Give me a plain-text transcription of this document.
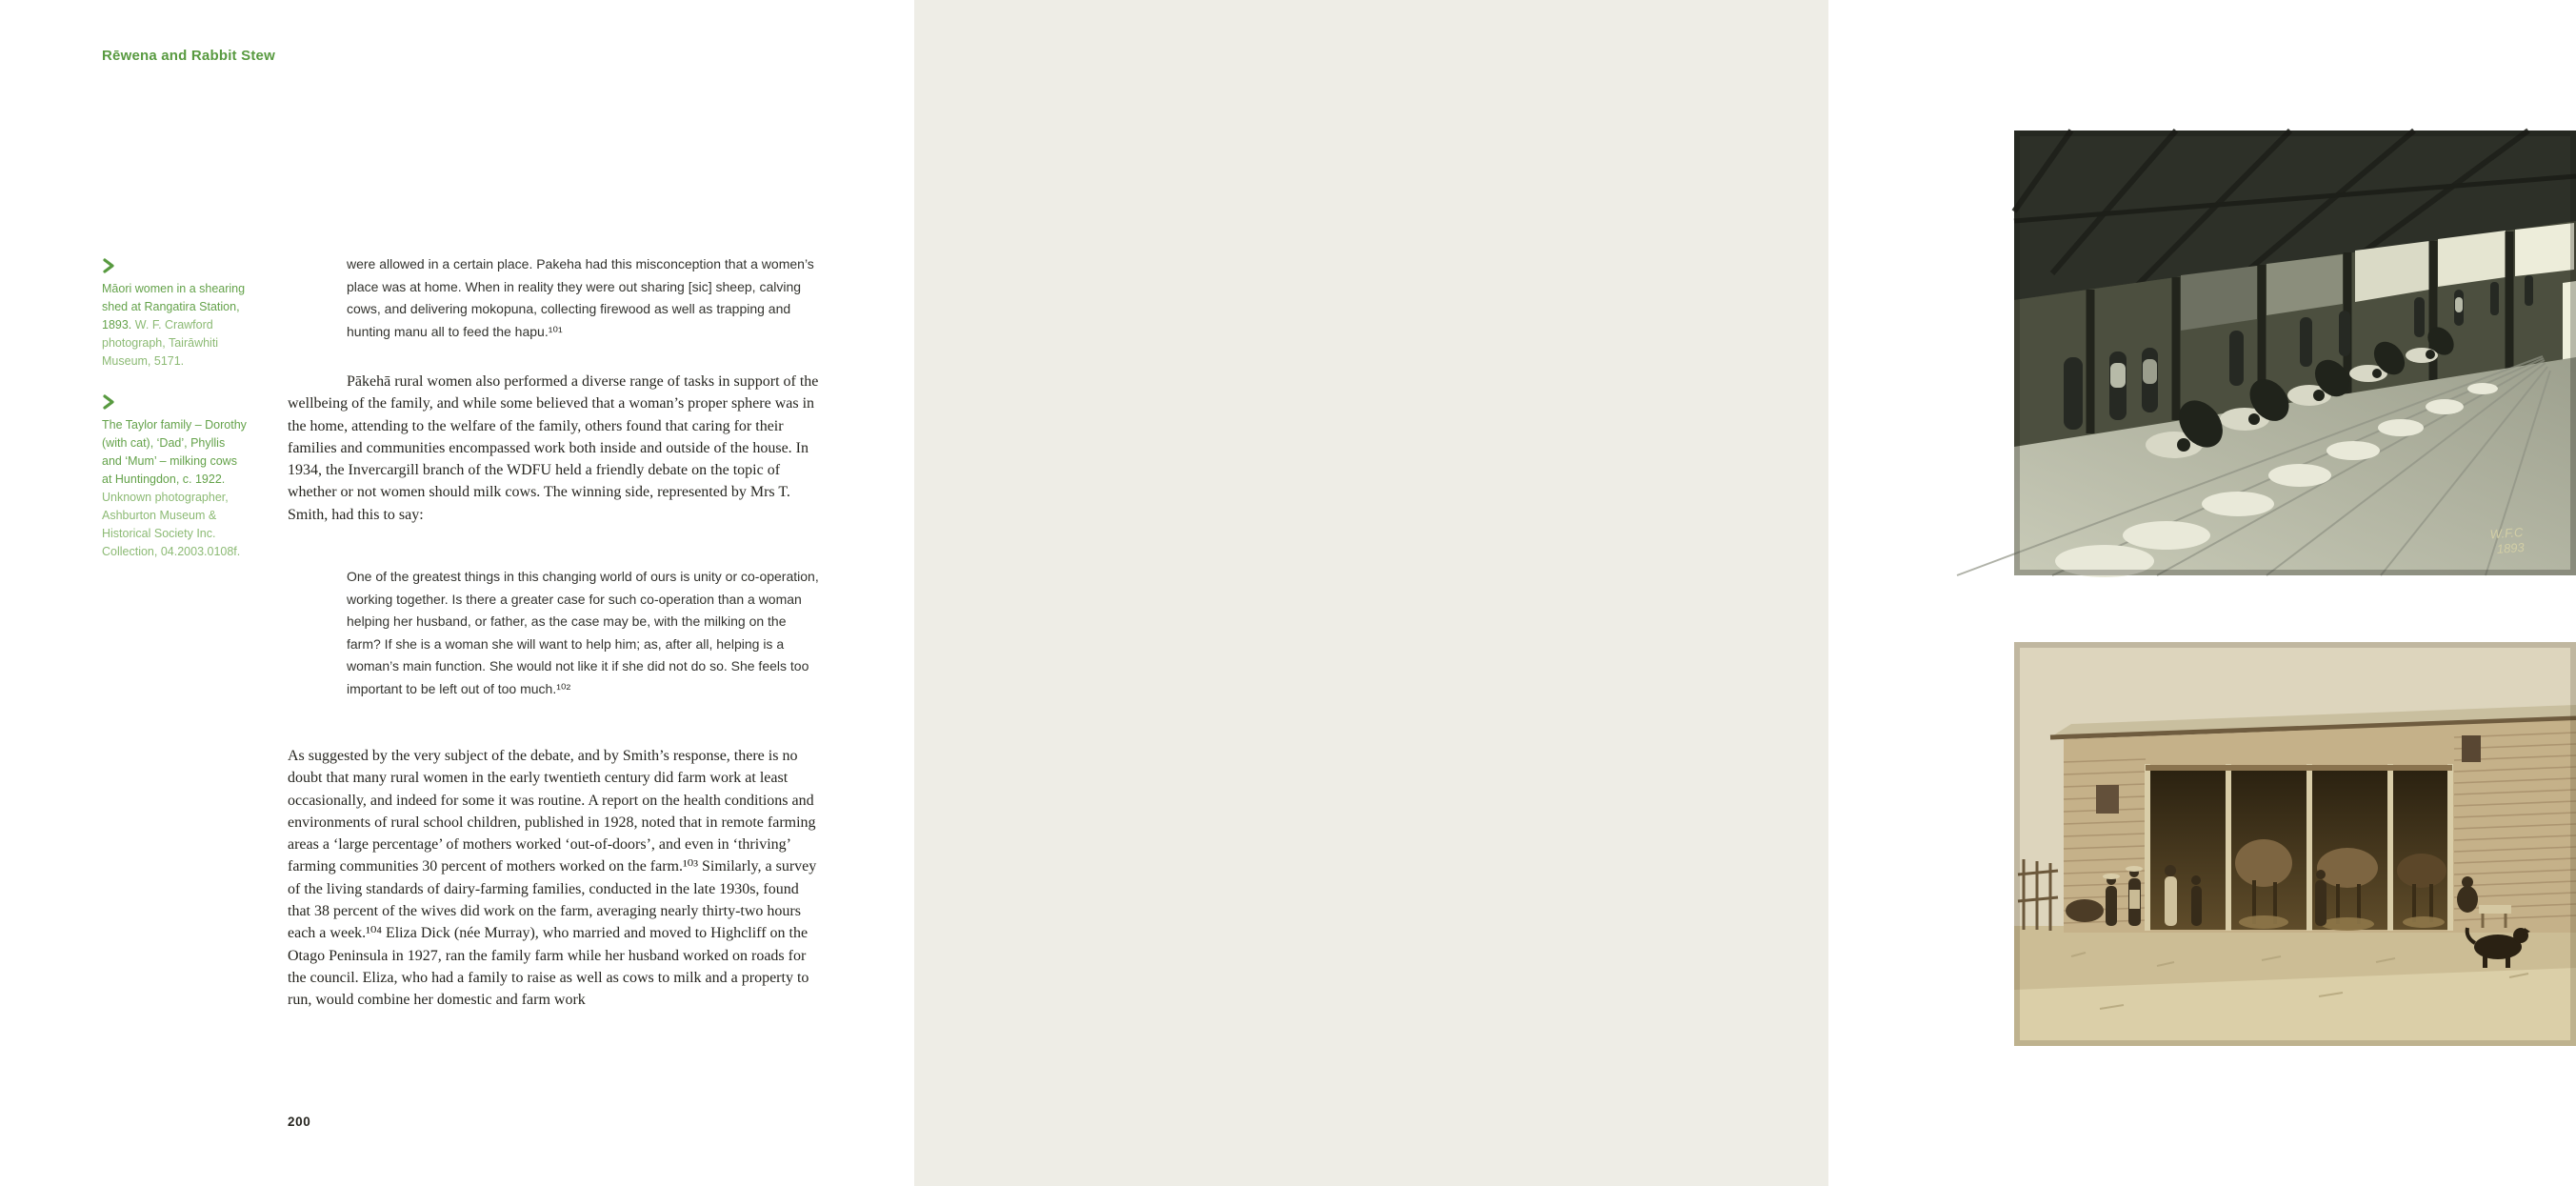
Rēwena and Rabbit Stew
Māori women in a shearing shed at Rangatira Station, 1893. W. F. Crawford photograph, Tairāwhiti Museum, 5171.
The Taylor family – Dorothy (with cat), ‘Dad’, Phyllis and ‘Mum’ – milking cows at Huntingdon, c. 1922. Unknown photographer, Ashburton Museum & Historical Society Inc. Collection, 04.2003.0108f.
were allowed in a certain place. Pakeha had this misconception that a women’s place was at home. When in reality they were out sharing [sic] sheep, calving cows, and delivering mokopuna, collecting firewood as well as trapping and hunting manu all to feed the hapu.¹⁰¹

Pākehā rural women also performed a diverse range of tasks in support of the wellbeing of the family, and while some believed that a woman’s proper sphere was in the home, attending to the welfare of the family, others found that caring for their families and communities encompassed work both inside and outside of the house. In 1934, the Invercargill branch of the WDFU held a friendly debate on the topic of whether or not women should milk cows. The winning side, represented by Mrs T. Smith, had this to say:

One of the greatest things in this changing world of ours is unity or co-operation, working together. Is there a greater case for such co-operation than a woman helping her husband, or father, as the case may be, with the milking on the farm? If she is a woman she will want to help him; as, after all, helping is a woman’s main function. She would not like it if she did not do so. She feels too important to be left out of too much.¹⁰²

As suggested by the very subject of the debate, and by Smith’s response, there is no doubt that many rural women in the early twentieth century did farm work at least occasionally, and indeed for some it was routine. A report on the health conditions and environments of rural school children, published in 1928, noted that in remote farming areas a ‘large percentage’ of mothers worked ‘out-of-doors’, and even in ‘thriving’ farming communities 30 percent of mothers worked on the farm.¹⁰³ Similarly, a survey of the living standards of dairy-farming families, conducted in the late 1930s, found that 38 percent of the wives did work on the farm, averaging nearly thirty-two hours each a week.¹⁰⁴ Eliza Dick (née Murray), who married and moved to Highcliff on the Otago Peninsula in 1927, ran the family farm while her husband worked on roads for the council. Eliza, who had a family to raise as well as cows to milk and a property to run, would combine her domestic and farm work

200
W.F.C
1893
